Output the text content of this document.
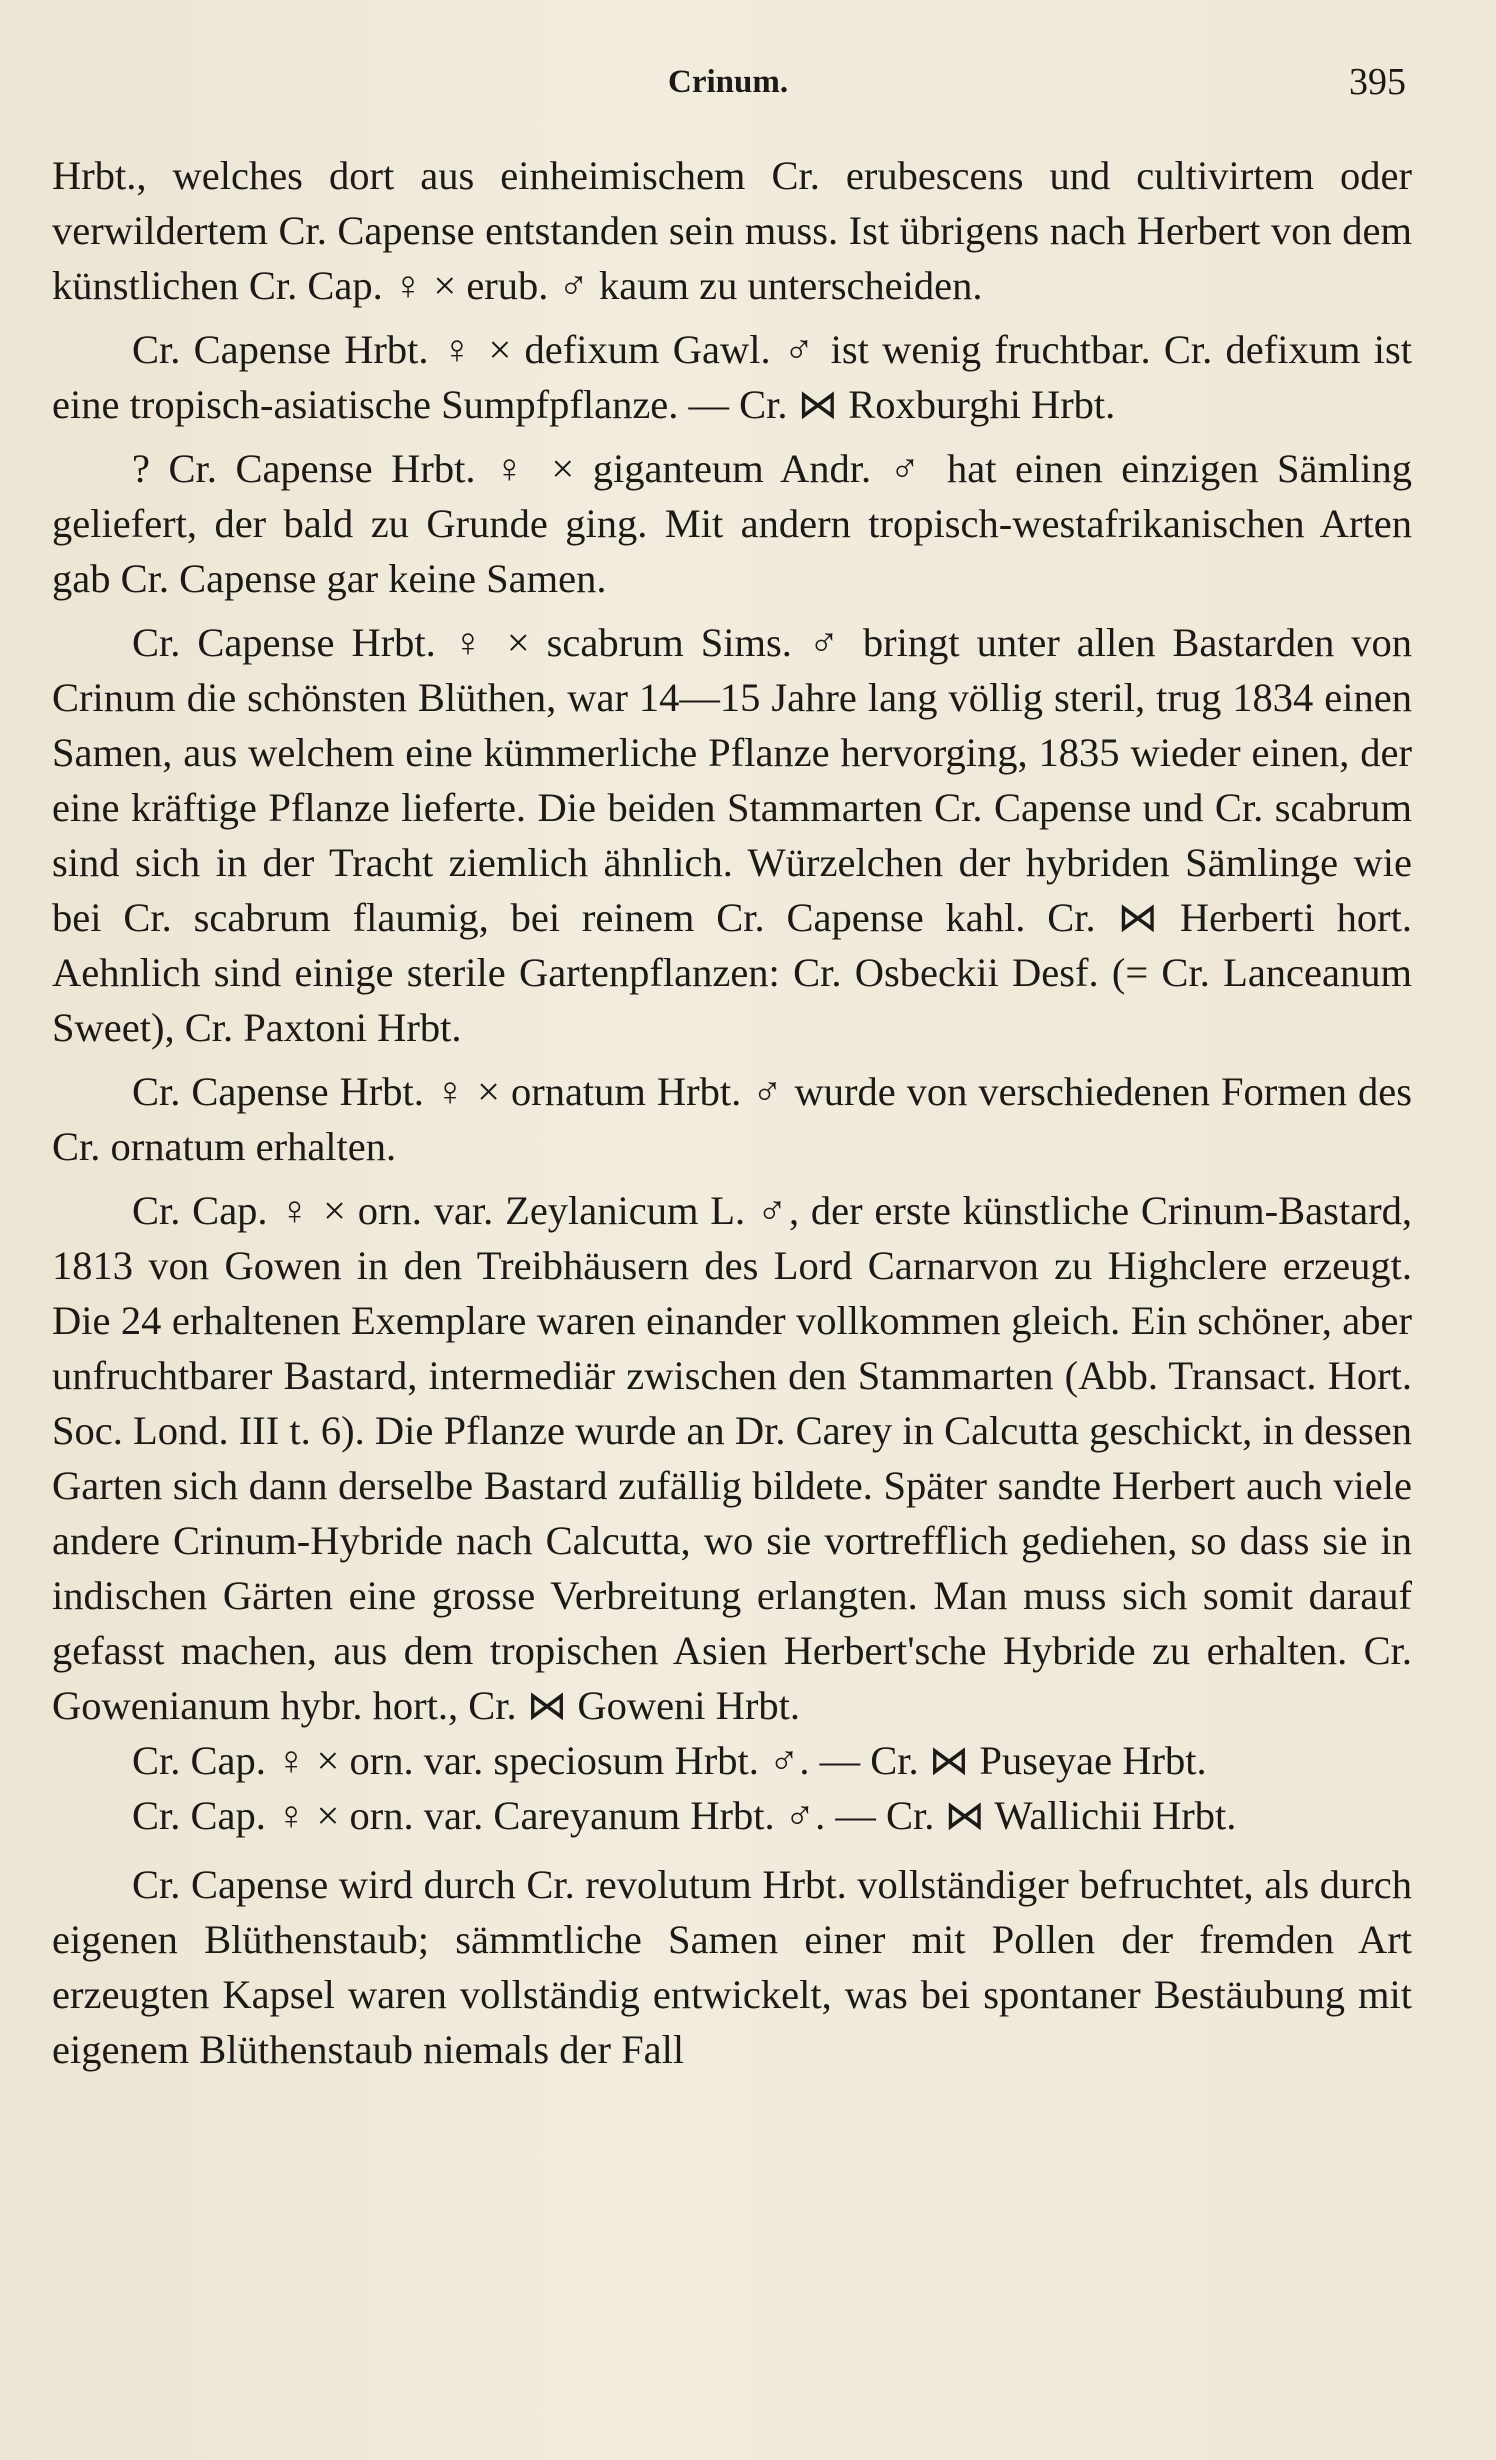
Crinum.	395

Hrbt., welches dort aus einheimischem Cr. erubescens und cultivirtem oder verwildertem Cr. Capense entstanden sein muss. Ist übrigens nach Herbert von dem künstlichen Cr. Cap. ♀ × erub. ♂ kaum zu unterscheiden.

Cr. Capense Hrbt. ♀ × defixum Gawl. ♂ ist wenig fruchtbar. Cr. defixum ist eine tropisch-asiatische Sumpfpflanze. — Cr. ⋈ Roxburghi Hrbt.

? Cr. Capense Hrbt. ♀ × giganteum Andr. ♂ hat einen einzigen Sämling geliefert, der bald zu Grunde ging. Mit andern tropisch-westafrikanischen Arten gab Cr. Capense gar keine Samen.

Cr. Capense Hrbt. ♀ × scabrum Sims. ♂ bringt unter allen Bastarden von Crinum die schönsten Blüthen, war 14—15 Jahre lang völlig steril, trug 1834 einen Samen, aus welchem eine kümmerliche Pflanze hervorging, 1835 wieder einen, der eine kräftige Pflanze lieferte. Die beiden Stammarten Cr. Capense und Cr. scabrum sind sich in der Tracht ziemlich ähnlich. Würzelchen der hybriden Sämlinge wie bei Cr. scabrum flaumig, bei reinem Cr. Capense kahl. Cr. ⋈ Herberti hort. Aehnlich sind einige sterile Gartenpflanzen: Cr. Osbeckii Desf. (= Cr. Lanceanum Sweet), Cr. Paxtoni Hrbt.

Cr. Capense Hrbt. ♀ × ornatum Hrbt. ♂ wurde von verschiedenen Formen des Cr. ornatum erhalten.

Cr. Cap. ♀ × orn. var. Zeylanicum L. ♂, der erste künstliche Crinum-Bastard, 1813 von Gowen in den Treibhäusern des Lord Carnarvon zu Highclere erzeugt. Die 24 erhaltenen Exemplare waren einander vollkommen gleich. Ein schöner, aber unfruchtbarer Bastard, intermediär zwischen den Stammarten (Abb. Transact. Hort. Soc. Lond. III t. 6). Die Pflanze wurde an Dr. Carey in Calcutta geschickt, in dessen Garten sich dann derselbe Bastard zufällig bildete. Später sandte Herbert auch viele andere Crinum-Hybride nach Calcutta, wo sie vortrefflich gediehen, so dass sie in indischen Gärten eine grosse Verbreitung erlangten. Man muss sich somit darauf gefasst machen, aus dem tropischen Asien Herbert'sche Hybride zu erhalten. Cr. Gowenianum hybr. hort., Cr. ⋈ Goweni Hrbt.

Cr. Cap. ♀ × orn. var. speciosum Hrbt. ♂. — Cr. ⋈ Puseyae Hrbt.

Cr. Cap. ♀ × orn. var. Careyanum Hrbt. ♂. — Cr. ⋈ Wallichii Hrbt.

Cr. Capense wird durch Cr. revolutum Hrbt. vollständiger befruchtet, als durch eigenen Blüthenstaub; sämmtliche Samen einer mit Pollen der fremden Art erzeugten Kapsel waren vollständig entwickelt, was bei spontaner Bestäubung mit eigenem Blüthenstaub niemals der Fall
